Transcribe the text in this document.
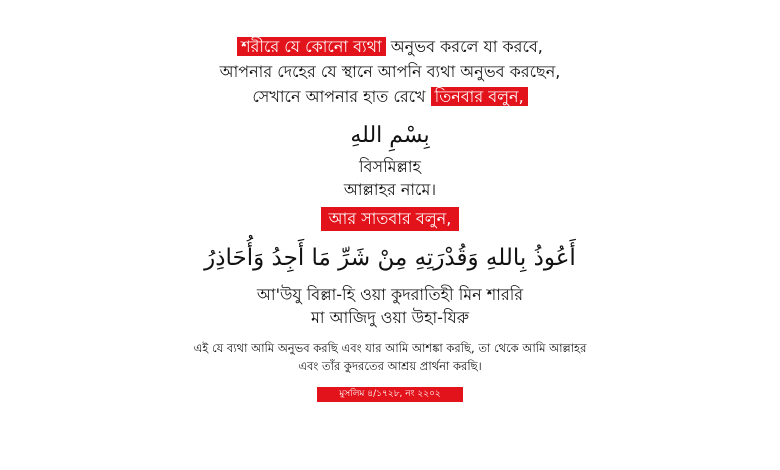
শরীরে যে কোনো ব্যথা অনুভব করলে যা করবে, আপনার দেহের যে স্থানে আপনি ব্যথা অনুভব করছেন, সেখানে আপনার হাত রেখে তিনবার বলুন,
بِسْمِ اللهِ
বিসমিল্লাহ
আল্লাহর নামে।
আর সাতবার বলুন,
أَعُوذُ بِاللهِ وَقُدْرَتِهِ مِنْ شَرِّ مَا أَجِدُ وَأُحَاذِرُ
আ'উযু বিল্লা-হি ওয়া কুদরাতিহী মিন শাররি
মা আজিদু ওয়া উহা-যিরু
এই যে ব্যথা আমি অনুভব করছি এবং যার আমি আশঙ্কা করছি, তা থেকে আমি আল্লাহর এবং তাঁর কুদরতের আশ্রয় প্রার্থনা করছি।
মুসলিম ৪/১৭২৮, নং ২২০২
